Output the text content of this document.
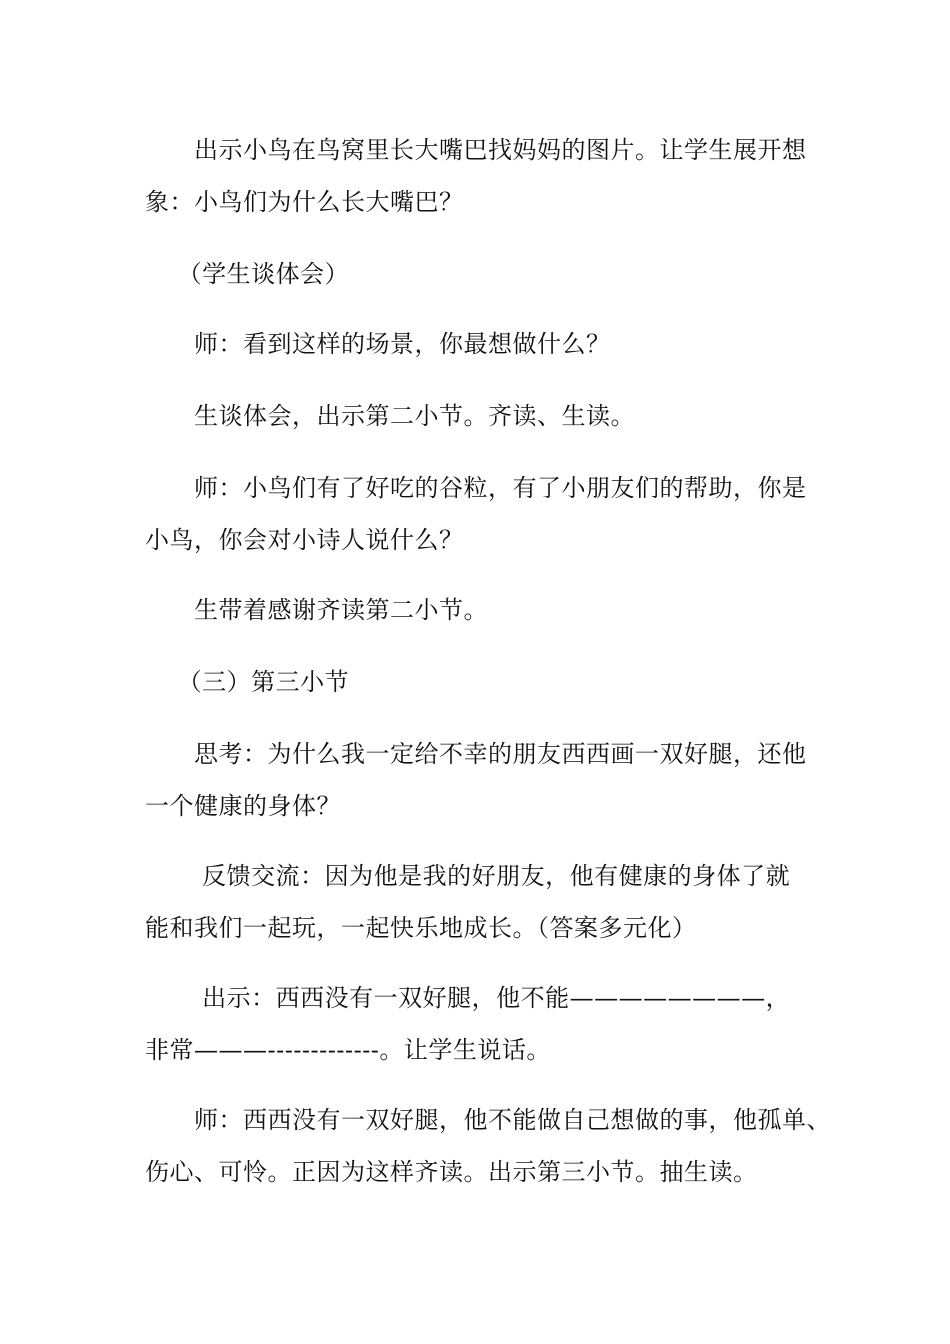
　　出示小鸟在鸟窝里长大嘴巴找妈妈的图片。让学生展开想
象：小鸟们为什么长大嘴巴？

　 （学生谈体会）

　　师：看到这样的场景，你最想做什么？

　　生谈体会，出示第二小节。齐读、生读。

　　师：小鸟们有了好吃的谷粒，有了小朋友们的帮助，你是
小鸟，你会对小诗人说什么？

　　生带着感谢齐读第二小节。

　 （三）第三小节

　　思考：为什么我一定给不幸的朋友西西画一双好腿，还他
一个健康的身体？

　　 反馈交流：因为他是我的好朋友，他有健康的身体了就
能和我们一起玩，一起快乐地成长。（答案多元化）

　　 出示：西西没有一双好腿，他不能————————，
非常———-------------。让学生说话。

　　师：西西没有一双好腿，他不能做自己想做的事，他孤单、
伤心、可怜。正因为这样齐读。出示第三小节。抽生读。
